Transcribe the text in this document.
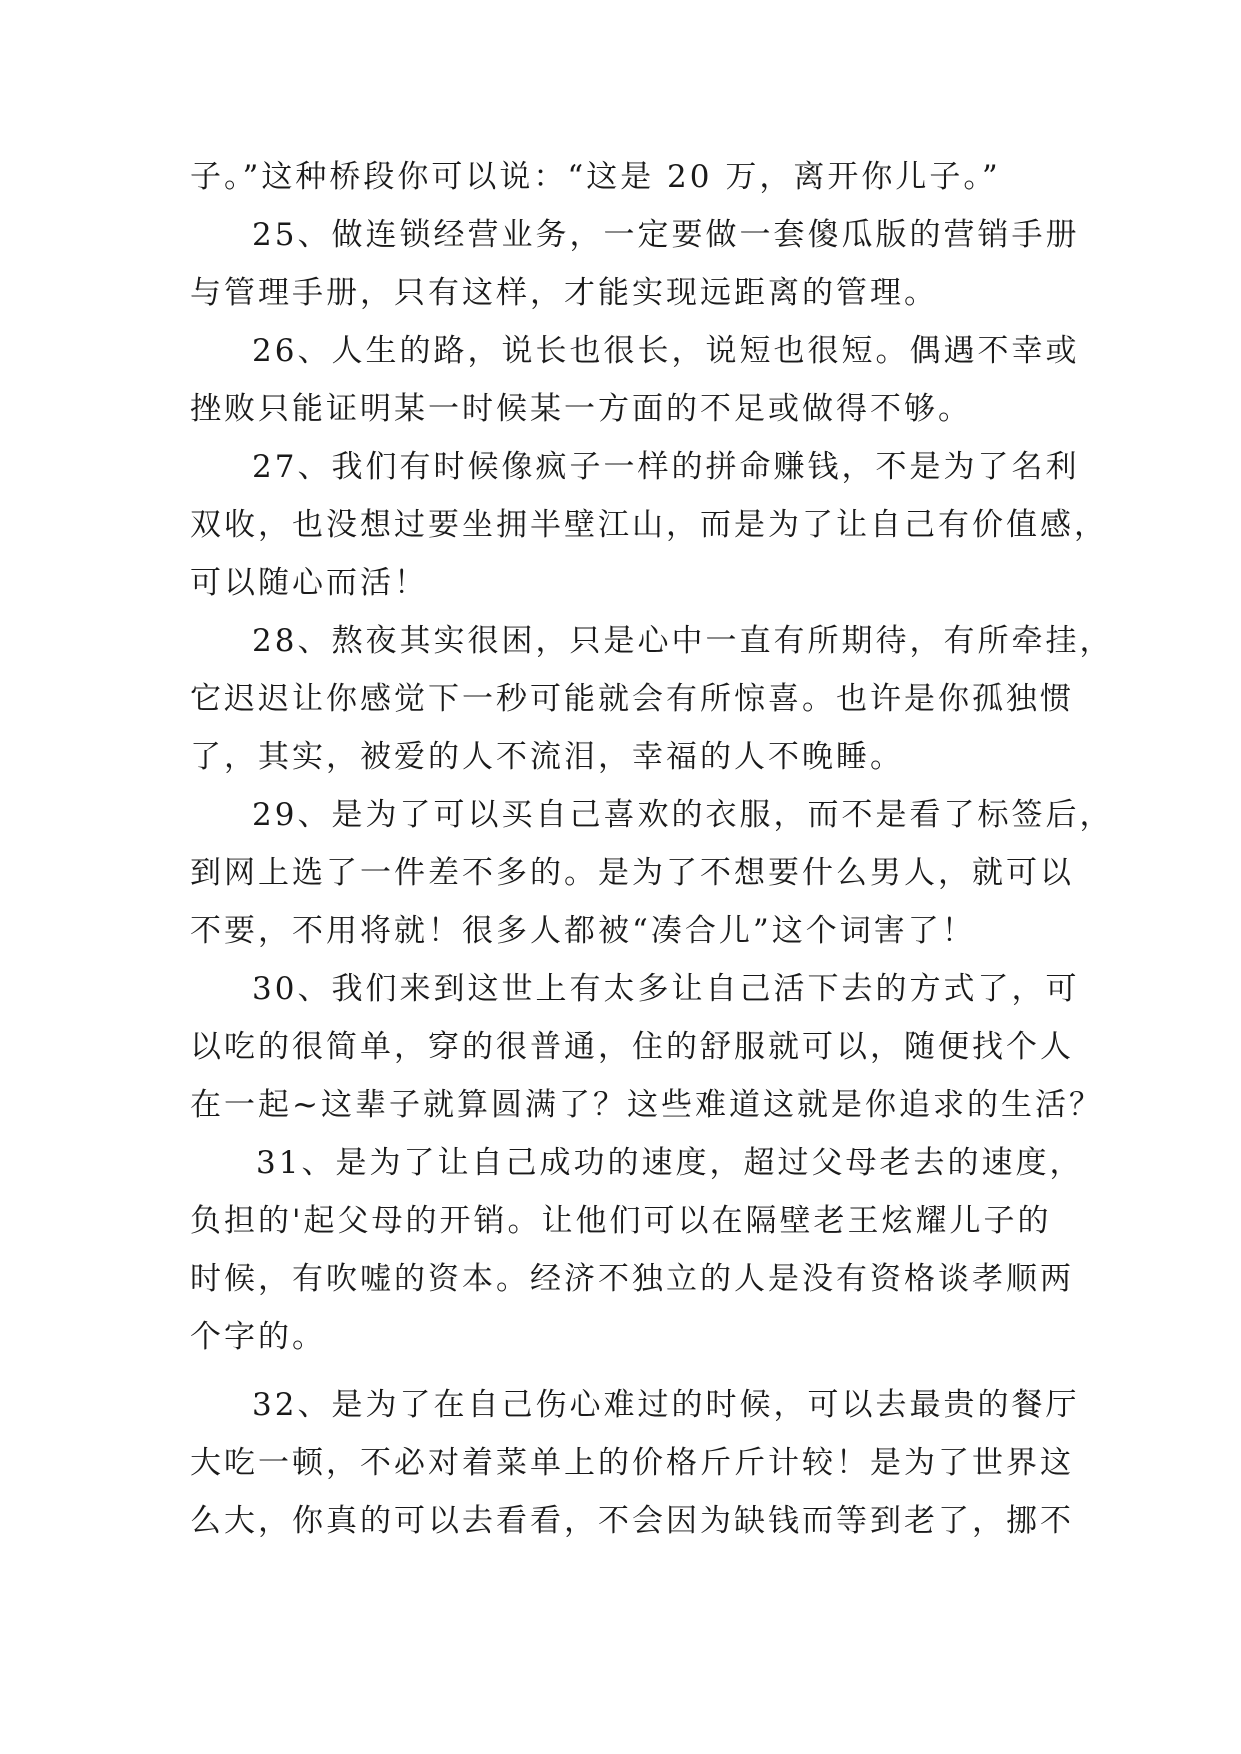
子。”这种桥段你可以说：“这是 20 万，离开你儿子。”
25、做连锁经营业务，一定要做一套傻瓜版的营销手册
与管理手册，只有这样，才能实现远距离的管理。
26、人生的路，说长也很长，说短也很短。偶遇不幸或
挫败只能证明某一时候某一方面的不足或做得不够。
27、我们有时候像疯子一样的拼命赚钱，不是为了名利
双收，也没想过要坐拥半壁江山，而是为了让自己有价值感，
可以随心而活！
28、熬夜其实很困，只是心中一直有所期待，有所牵挂，
它迟迟让你感觉下一秒可能就会有所惊喜。也许是你孤独惯
了，其实，被爱的人不流泪，幸福的人不晚睡。
29、是为了可以买自己喜欢的衣服，而不是看了标签后，
到网上选了一件差不多的。是为了不想要什么男人，就可以
不要，不用将就！很多人都被“凑合儿”这个词害了！
30、我们来到这世上有太多让自己活下去的方式了，可
以吃的很简单，穿的很普通，住的舒服就可以，随便找个人
在一起~这辈子就算圆满了？这些难道这就是你追求的生活？
31、是为了让自己成功的速度，超过父母老去的速度，
负担的'起父母的开销。让他们可以在隔壁老王炫耀儿子的
时候，有吹嘘的资本。经济不独立的人是没有资格谈孝顺两
个字的。
32、是为了在自己伤心难过的时候，可以去最贵的餐厅
大吃一顿，不必对着菜单上的价格斤斤计较！是为了世界这
么大，你真的可以去看看，不会因为缺钱而等到老了，挪不
